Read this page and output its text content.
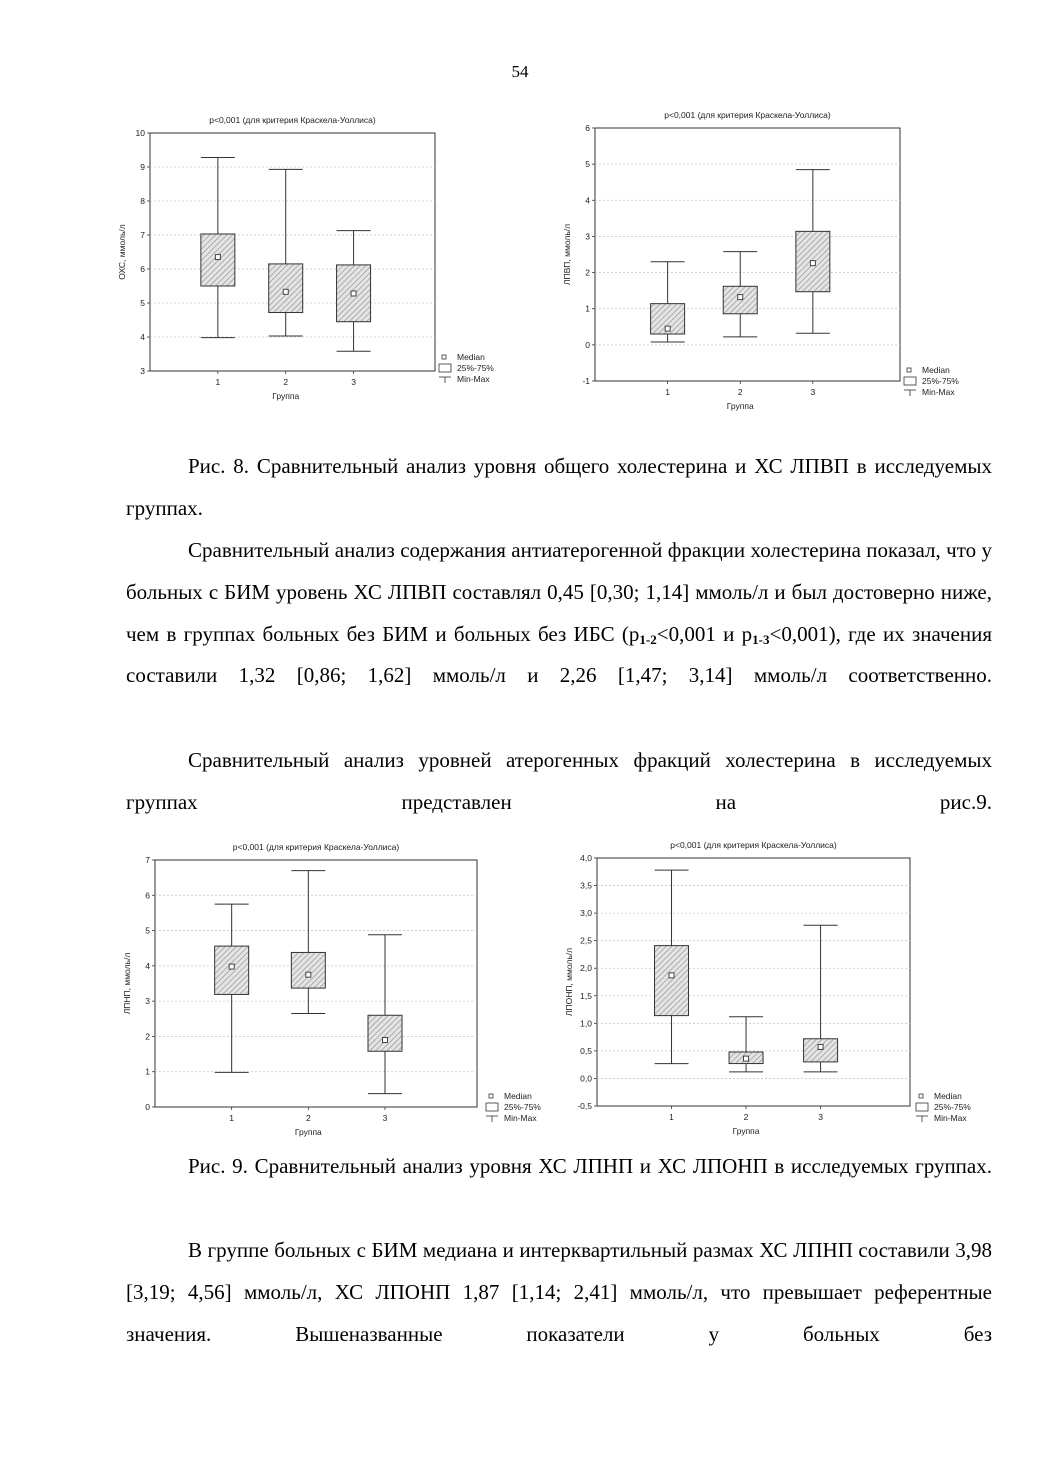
54
p<0,001 (для критерия Краскела-Уоллиса)
3
4
5
6
7
8
9
10
ОХС, ммоль/л
1	2	3
Группа
Median
25%-75%
Min-Max
p<0,001 (для критерия Краскела-Уоллиса)
-1
0
1
2
3
4
5
6
ЛПВП, ммоль/л
1	2	3
Группа
Median
25%-75%
Min-Max

Рис. 8. Сравнительный анализ уровня общего холестерина и ХС ЛПВП в исследуемых группах.

Сравнительный анализ содержания антиатерогенной фракции холестерина показал, что у больных с БИМ уровень ХС ЛПВП составлял 0,45 [0,30; 1,14] ммоль/л и был достоверно ниже, чем в группах больных без БИМ и больных без ИБС ($p_{1-2}<0,001$ и $p_{1-3}<0,001$), где их значения составили 1,32 [0,86; 1,62] ммоль/л и 2,26 [1,47; 3,14] ммоль/л соответственно.

Сравнительный анализ уровней атерогенных фракций холестерина в исследуемых группах представлен на рис.9.

p<0,001 (для критерия Краскела-Уоллиса)
0
1
2
3
4
5
6
7
ЛПНП, ммоль/л
1	2	3
Группа
Median
25%-75%
Min-Max
p<0,001 (для критерия Краскела-Уоллиса)
-0,5
0,0
0,5
1,0
1,5
2,0
2,5
3,0
3,5
4,0
ЛПОНП, ммоль/л
1	2	3
Группа
Median
25%-75%
Min-Max

Рис. 9. Сравнительный анализ уровня ХС ЛПНП и ХС ЛПОНП в исследуемых группах.

В группе больных с БИМ медиана и интерквартильный размах ХС ЛПНП составили 3,98 [3,19; 4,56] ммоль/л, ХС ЛПОНП 1,87 [1,14; 2,41] ммоль/л, что превышает референтные значения. Вышеназванные показатели у больных без
